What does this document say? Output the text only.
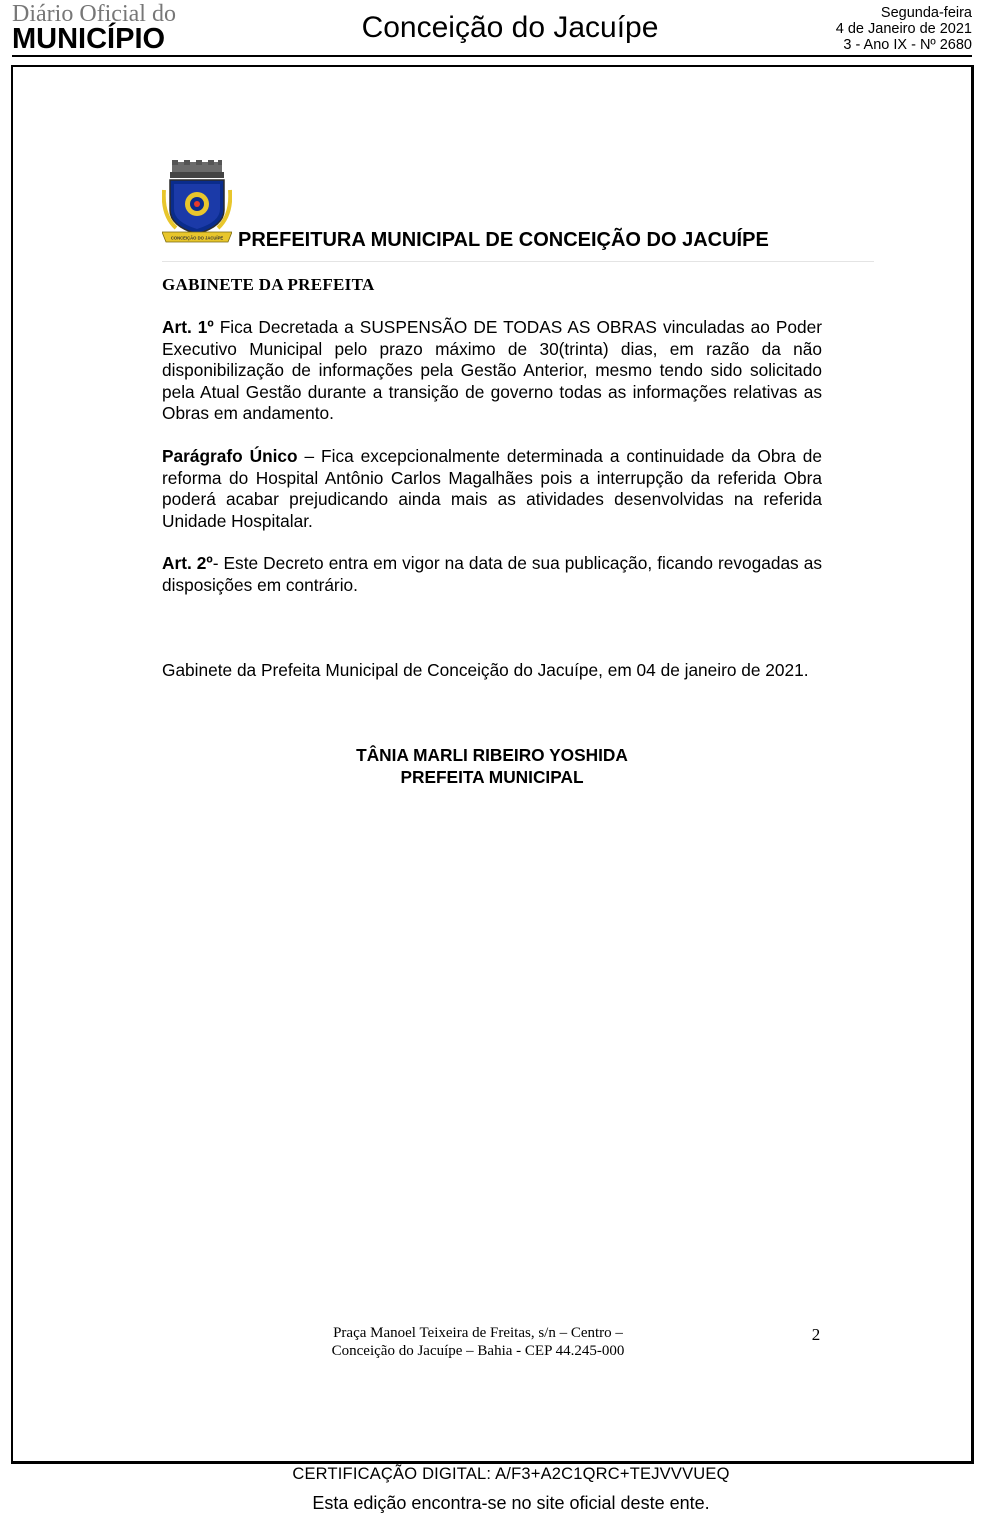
Diário Oficial do
MUNICÍPIO	Conceição do Jacuípe	Segunda-feira
4 de Janeiro de 2021
3 - Ano IX - Nº 2680
CONCEIÇÃO DO JACUÍPE PREFEITURA MUNICIPAL DE CONCEIÇÃO DO JACUÍPE
GABINETE DA PREFEITA

Art. 1º Fica Decretada a SUSPENSÃO DE TODAS AS OBRAS vinculadas ao Poder Executivo Municipal pelo prazo máximo de 30(trinta) dias, em razão da não disponibilização de informações pela Gestão Anterior, mesmo tendo sido solicitado pela Atual Gestão durante a transição de governo todas as informações relativas as Obras em andamento.

Parágrafo Único – Fica excepcionalmente determinada a continuidade da Obra de reforma do Hospital Antônio Carlos Magalhães pois a interrupção da referida Obra poderá acabar prejudicando ainda mais as atividades desenvolvidas na referida Unidade Hospitalar.

Art. 2º- Este Decreto entra em vigor na data de sua publicação, ficando revogadas as disposições em contrário.

Gabinete da Prefeita Municipal de Conceição do Jacuípe, em 04 de janeiro de 2021.

TÂNIA MARLI RIBEIRO YOSHIDA
PREFEITA MUNICIPAL
Praça Manoel Teixeira de Freitas, s/n – Centro –
Conceição do Jacuípe – Bahia - CEP 44.245-000
2
CERTIFICAÇÃO DIGITAL: A/F3+A2C1QRC+TEJVVVUEQ
Esta edição encontra-se no site oficial deste ente.
